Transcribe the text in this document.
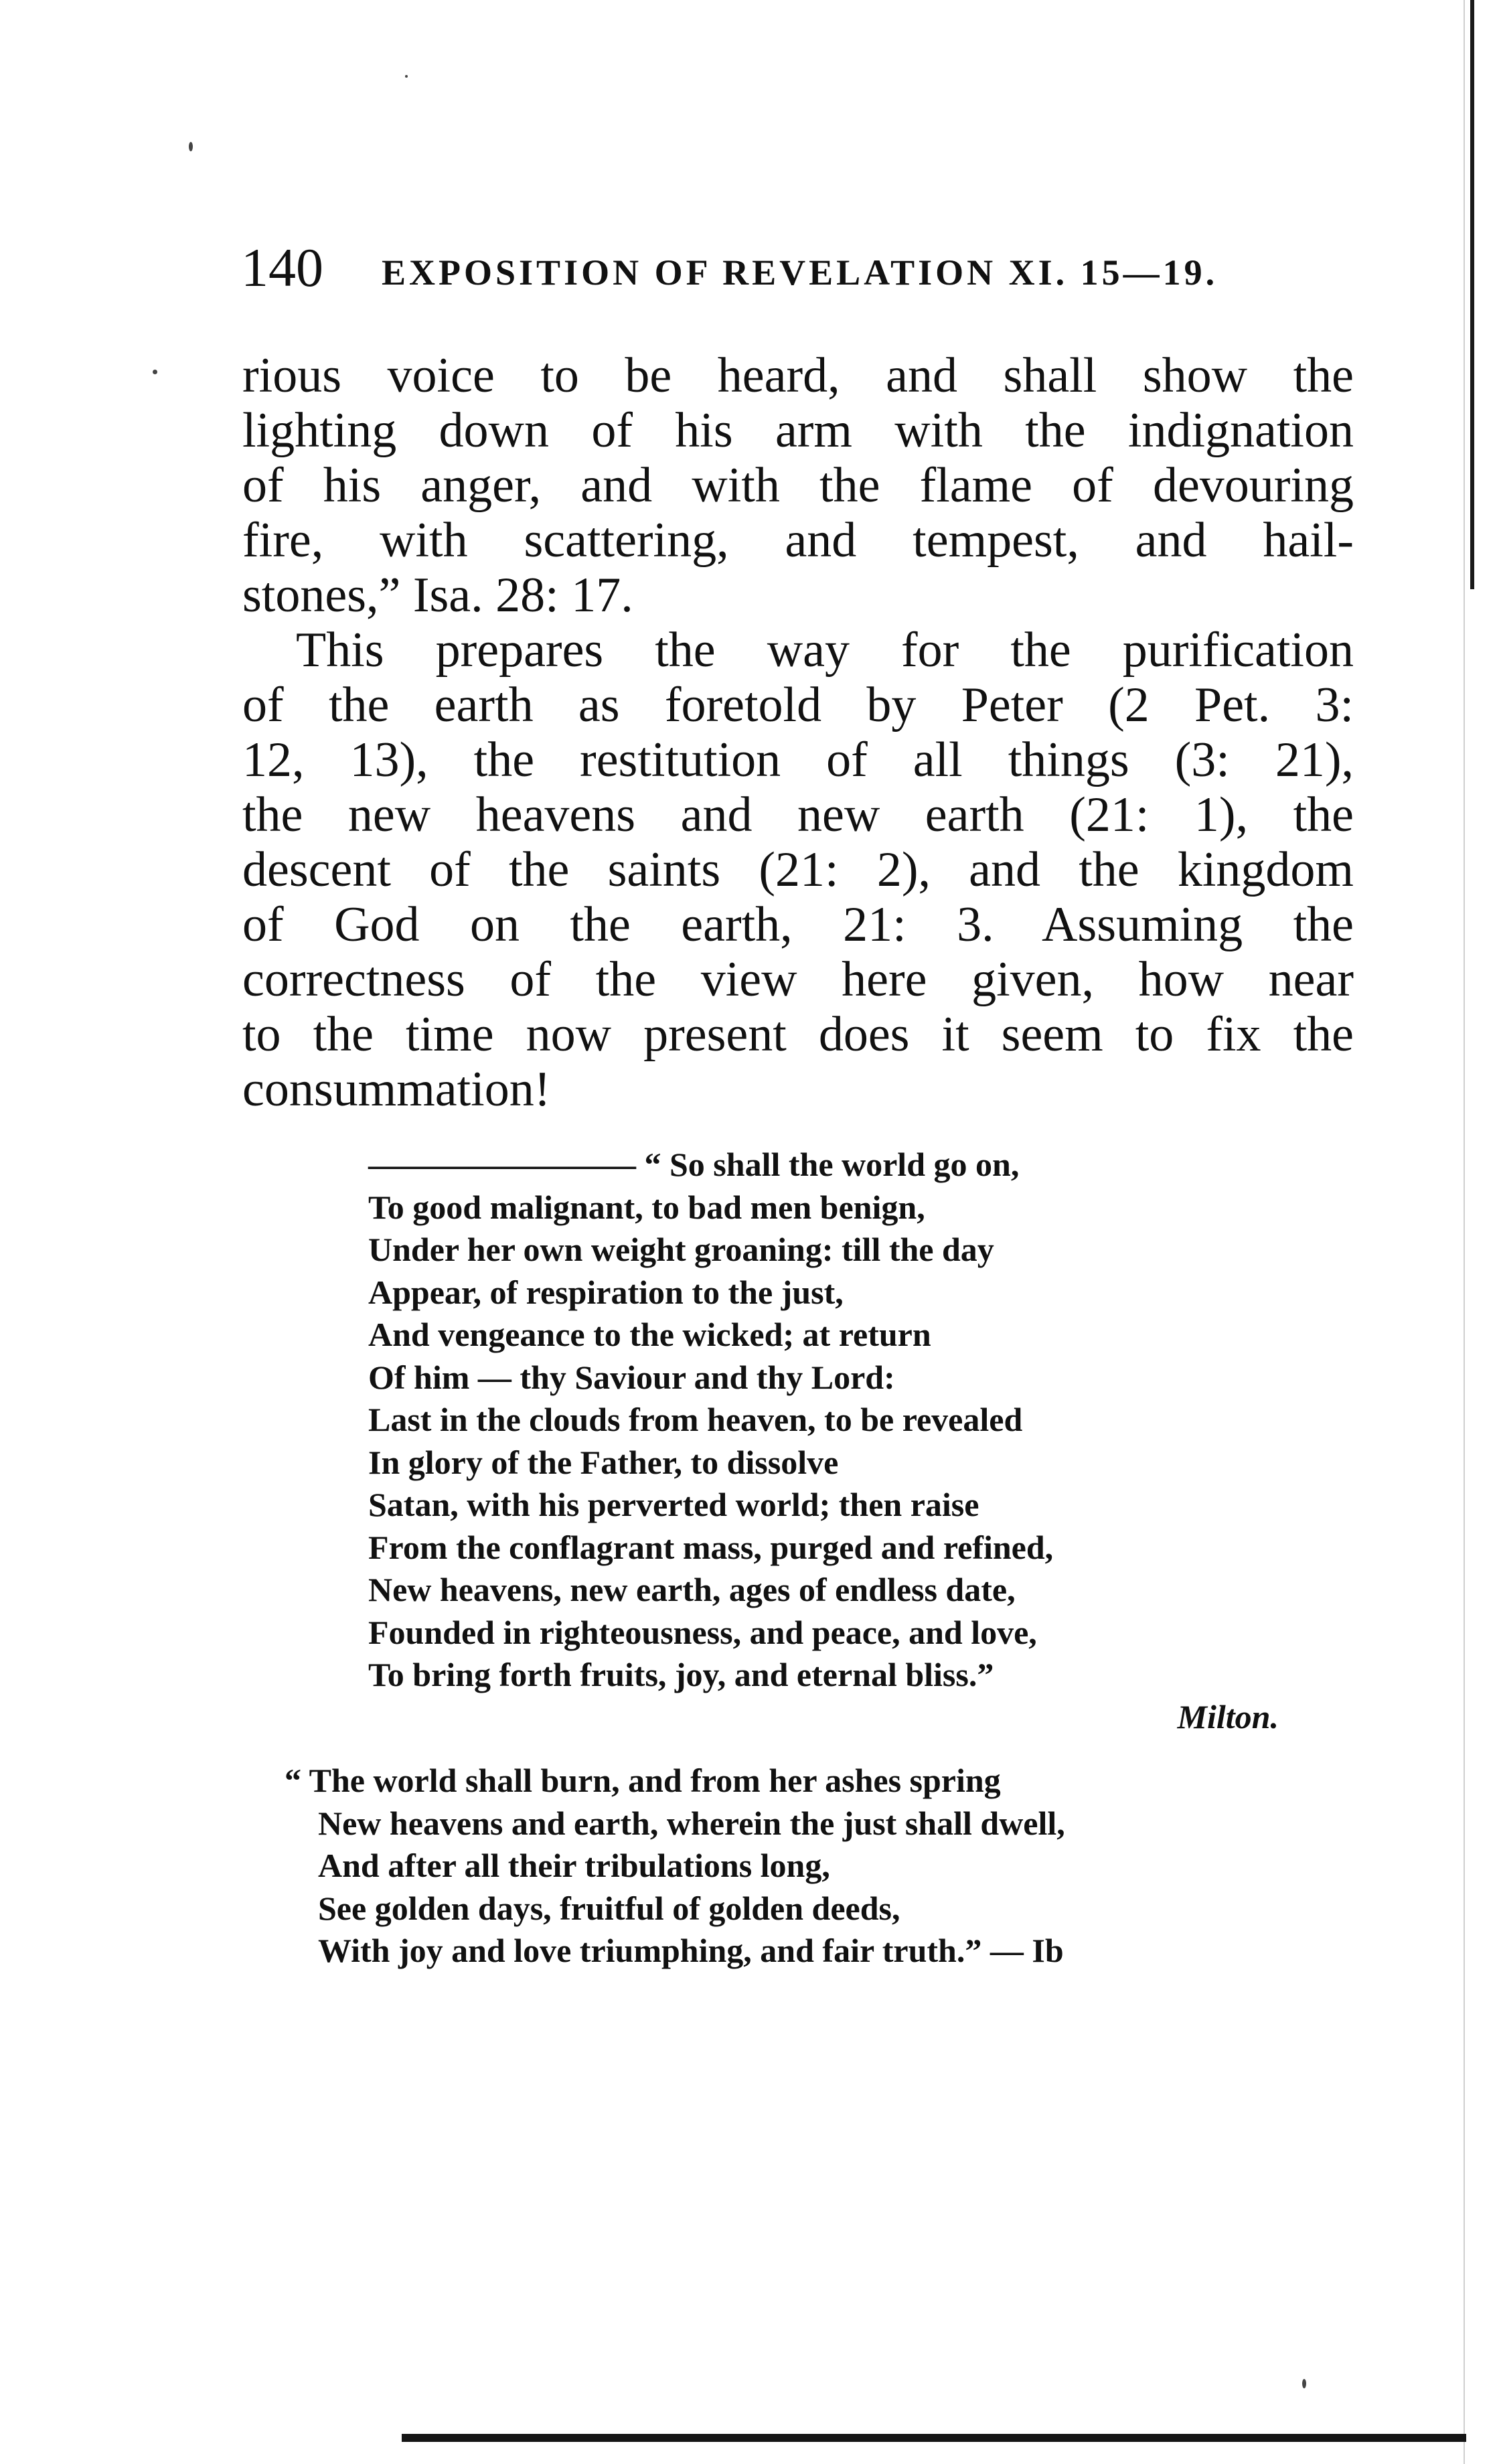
140 EXPOSITION OF REVELATION XI. 15—19.

rious voice to be heard, and shall show the
lighting down of his arm with the indignation
of his anger, and with the flame of devouring
fire, with scattering, and tempest, and hail-
stones,” Isa. 28: 17.

This prepares the way for the purification
of the earth as foretold by Peter (2 Pet. 3:
12, 13), the restitution of all things (3: 21),
the new heavens and new earth (21: 1), the
descent of the saints (21: 2), and the kingdom
of God on the earth, 21: 3. Assuming the
correctness of the view here given, how near
to the time now present does it seem to fix the
consummation!

———————— “ So shall the world go on,
To good malignant, to bad men benign,
Under her own weight groaning: till the day
Appear, of respiration to the just,
And vengeance to the wicked; at return
Of him — thy Saviour and thy Lord:
Last in the clouds from heaven, to be revealed
In glory of the Father, to dissolve
Satan, with his perverted world; then raise
From the conflagrant mass, purged and refined,
New heavens, new earth, ages of endless date,
Founded in righteousness, and peace, and love,
To bring forth fruits, joy, and eternal bliss.”
Milton.
“ The world shall burn, and from her ashes spring
New heavens and earth, wherein the just shall dwell,
And after all their tribulations long,
See golden days, fruitful of golden deeds,
With joy and love triumphing, and fair truth.” — Ib
